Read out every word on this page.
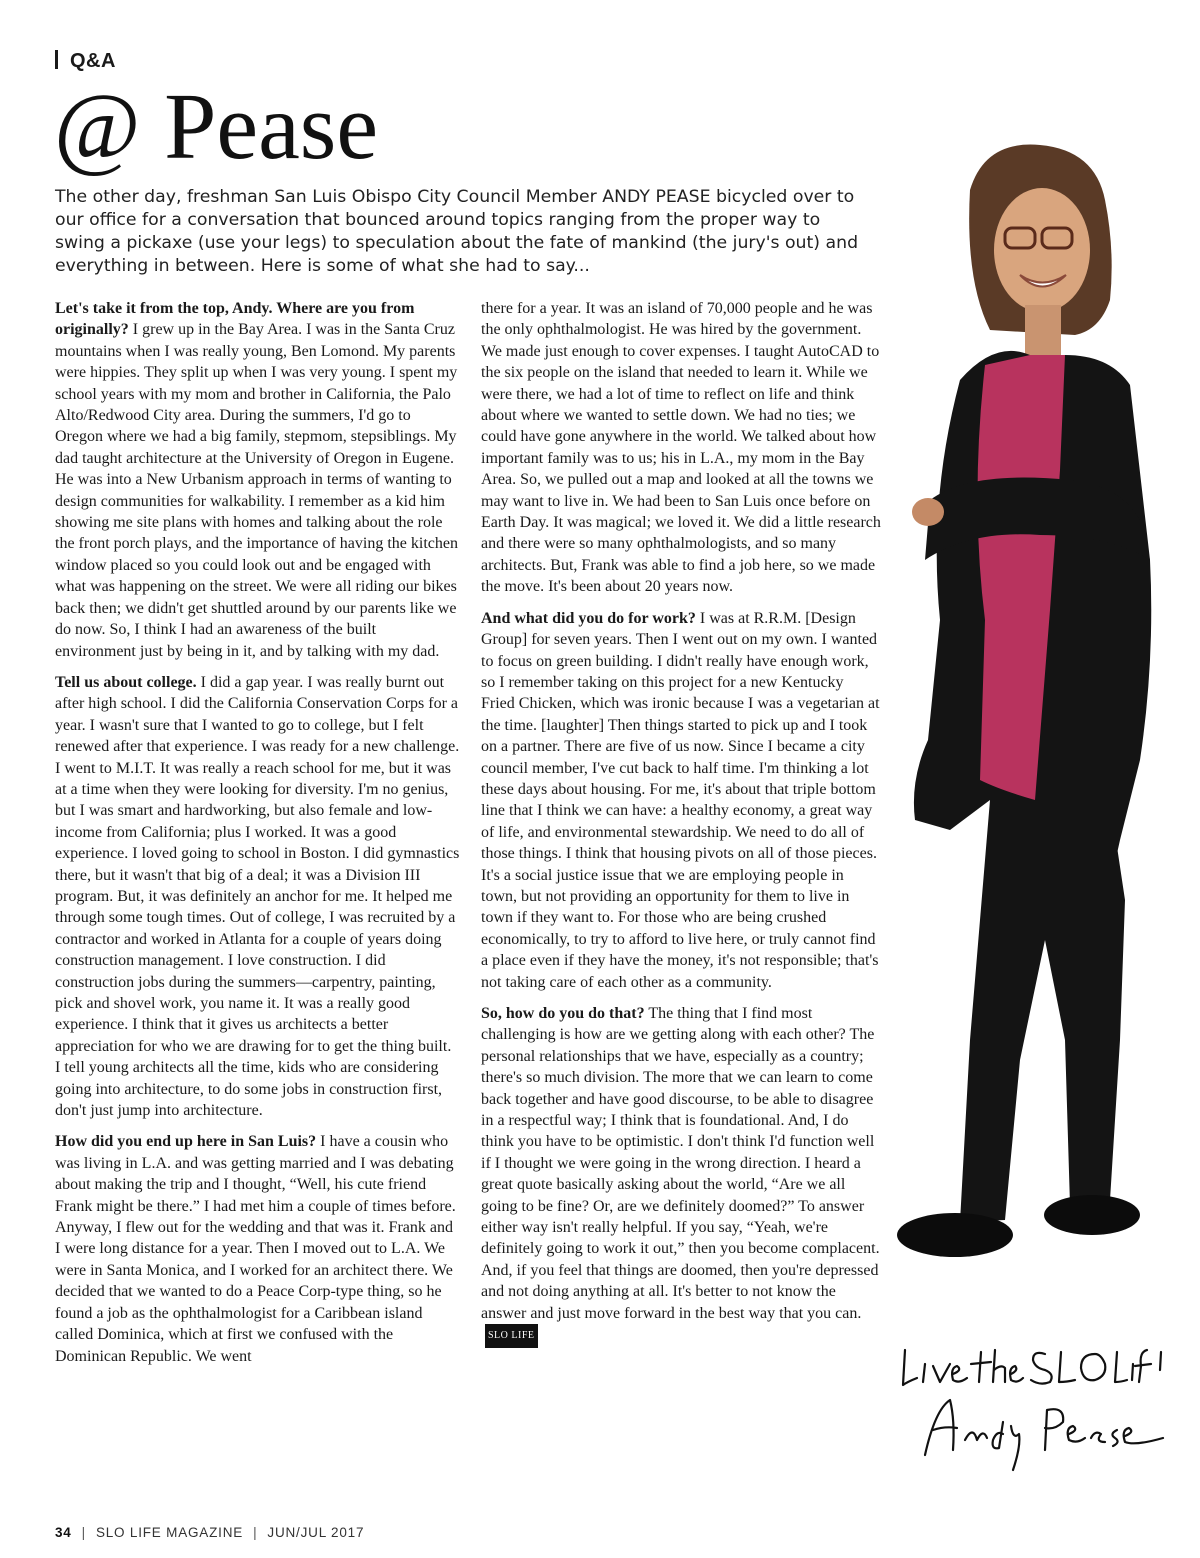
Q&A
@ Pease

The other day, freshman San Luis Obispo City Council Member ANDY PEASE bicycled over to our office for a conversation that bounced around topics ranging from the proper way to swing a pickaxe (use your legs) to speculation about the fate of mankind (the jury's out) and everything in between. Here is some of what she had to say...

Let's take it from the top, Andy. Where are you from originally? I grew up in the Bay Area. I was in the Santa Cruz mountains when I was really young, Ben Lomond. My parents were hippies. They split up when I was very young. I spent my school years with my mom and brother in California, the Palo Alto/Redwood City area. During the summers, I'd go to Oregon where we had a big family, stepmom, stepsiblings. My dad taught architecture at the University of Oregon in Eugene. He was into a New Urbanism approach in terms of wanting to design communities for walkability. I remember as a kid him showing me site plans with homes and talking about the role the front porch plays, and the importance of having the kitchen window placed so you could look out and be engaged with what was happening on the street. We were all riding our bikes back then; we didn't get shuttled around by our parents like we do now. So, I think I had an awareness of the built environment just by being in it, and by talking with my dad.

Tell us about college. I did a gap year. I was really burnt out after high school. I did the California Conservation Corps for a year. I wasn't sure that I wanted to go to college, but I felt renewed after that experience. I was ready for a new challenge. I went to M.I.T. It was really a reach school for me, but it was at a time when they were looking for diversity. I'm no genius, but I was smart and hardworking, but also female and low-income from California; plus I worked. It was a good experience. I loved going to school in Boston. I did gymnastics there, but it wasn't that big of a deal; it was a Division III program. But, it was definitely an anchor for me. It helped me through some tough times. Out of college, I was recruited by a contractor and worked in Atlanta for a couple of years doing construction management. I love construction. I did construction jobs during the summers—carpentry, painting, pick and shovel work, you name it. It was a really good experience. I think that it gives us architects a better appreciation for who we are drawing for to get the thing built. I tell young architects all the time, kids who are considering going into architecture, to do some jobs in construction first, don't just jump into architecture.

How did you end up here in San Luis? I have a cousin who was living in L.A. and was getting married and I was debating about making the trip and I thought, “Well, his cute friend Frank might be there.” I had met him a couple of times before. Anyway, I flew out for the wedding and that was it. Frank and I were long distance for a year. Then I moved out to L.A. We were in Santa Monica, and I worked for an architect there. We decided that we wanted to do a Peace Corp-type thing, so he found a job as the ophthalmologist for a Caribbean island called Dominica, which at first we confused with the Dominican Republic. We went

there for a year. It was an island of 70,000 people and he was the only ophthalmologist. He was hired by the government. We made just enough to cover expenses. I taught AutoCAD to the six people on the island that needed to learn it. While we were there, we had a lot of time to reflect on life and think about where we wanted to settle down. We had no ties; we could have gone anywhere in the world. We talked about how important family was to us; his in L.A., my mom in the Bay Area. So, we pulled out a map and looked at all the towns we may want to live in. We had been to San Luis once before on Earth Day. It was magical; we loved it. We did a little research and there were so many ophthalmologists, and so many architects. But, Frank was able to find a job here, so we made the move. It's been about 20 years now.

And what did you do for work? I was at R.R.M. [Design Group] for seven years. Then I went out on my own. I wanted to focus on green building. I didn't really have enough work, so I remember taking on this project for a new Kentucky Fried Chicken, which was ironic because I was a vegetarian at the time. [laughter] Then things started to pick up and I took on a partner. There are five of us now. Since I became a city council member, I've cut back to half time. I'm thinking a lot these days about housing. For me, it's about that triple bottom line that I think we can have: a healthy economy, a great way of life, and environmental stewardship. We need to do all of those things. I think that housing pivots on all of those pieces. It's a social justice issue that we are employing people in town, but not providing an opportunity for them to live in town if they want to. For those who are being crushed economically, to try to afford to live here, or truly cannot find a place even if they have the money, it's not responsible; that's not taking care of each other as a community.

So, how do you do that? The thing that I find most challenging is how are we getting along with each other? The personal relationships that we have, especially as a country; there's so much division. The more that we can learn to come back together and have good discourse, to be able to disagree in a respectful way; I think that is foundational. And, I do think you have to be optimistic. I don't think I'd function well if I thought we were going in the wrong direction. I heard a great quote basically asking about the world, “Are we all going to be fine? Or, are we definitely doomed?” To answer either way isn't really helpful. If you say, “Yeah, we're definitely going to work it out,” then you become complacent. And, if you feel that things are doomed, then you're depressed and not doing anything at all. It's better to not know the answer and just move forward in the best way that you can.SLO LIFE

34 | SLO LIFE MAGAZINE | JUN/JUL 2017
